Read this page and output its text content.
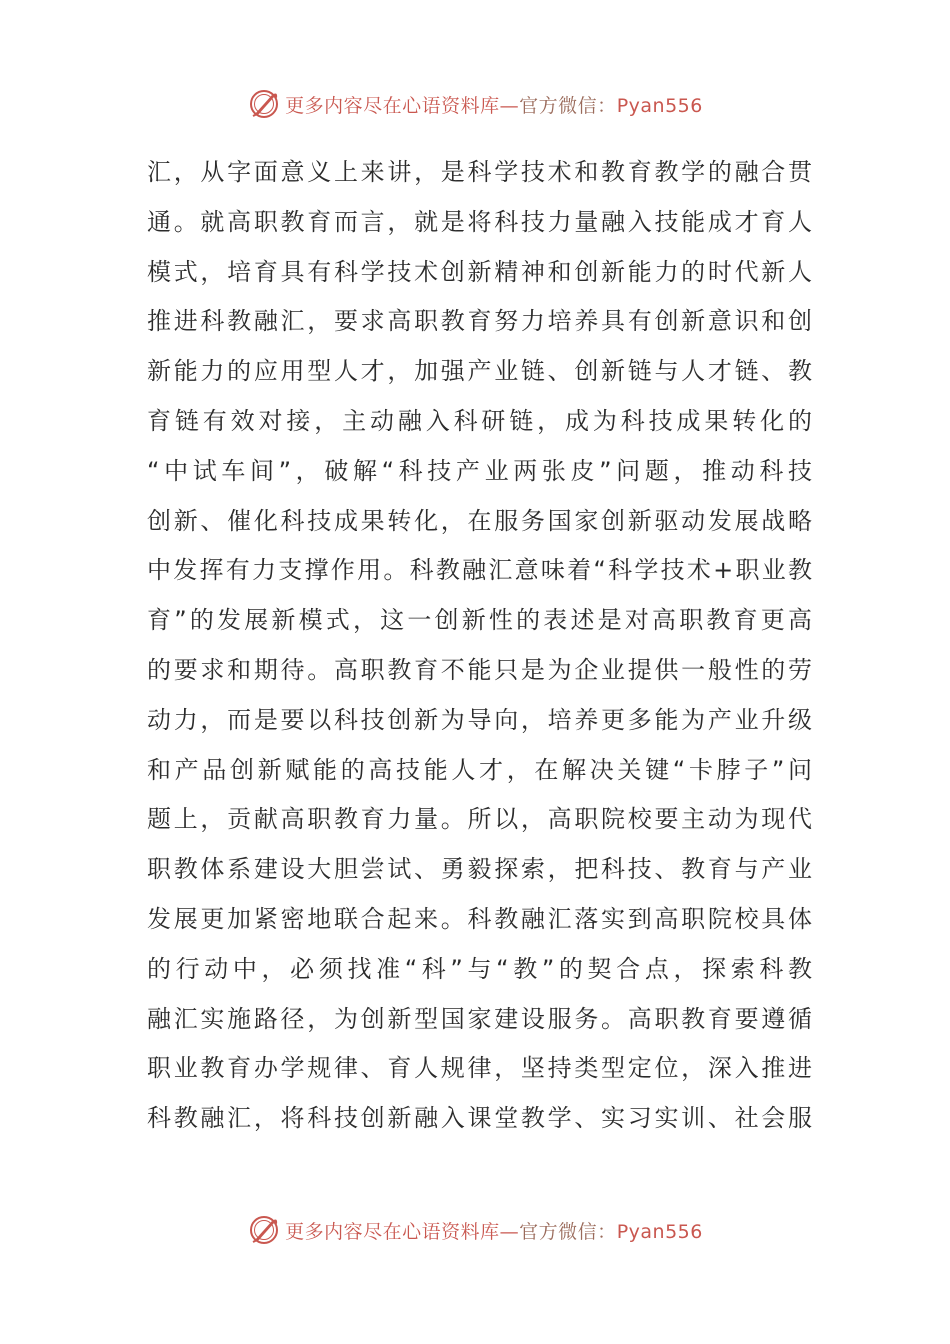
更多内容尽在心语资料库—官方微信：Pyan556
汇，从字面意义上来讲，是科学技术和教育教学的融合贯
通。就高职教育而言，就是将科技力量融入技能成才育人
模式，培育具有科学技术创新精神和创新能力的时代新人
推进科教融汇，要求高职教育努力培养具有创新意识和创
新能力的应用型人才，加强产业链、创新链与人才链、教
育链有效对接，主动融入科研链，成为科技成果转化的
“中试车间”，破解“科技产业两张皮”问题，推动科技
创新、催化科技成果转化，在服务国家创新驱动发展战略
中发挥有力支撑作用。科教融汇意味着“科学技术+职业教
育”的发展新模式，这一创新性的表述是对高职教育更高
的要求和期待。高职教育不能只是为企业提供一般性的劳
动力，而是要以科技创新为导向，培养更多能为产业升级
和产品创新赋能的高技能人才，在解决关键“卡脖子”问
题上，贡献高职教育力量。所以，高职院校要主动为现代
职教体系建设大胆尝试、勇毅探索，把科技、教育与产业
发展更加紧密地联合起来。科教融汇落实到高职院校具体
的行动中，必须找准“科”与“教”的契合点，探索科教
融汇实施路径，为创新型国家建设服务。高职教育要遵循
职业教育办学规律、育人规律，坚持类型定位，深入推进
科教融汇，将科技创新融入课堂教学、实习实训、社会服
更多内容尽在心语资料库—官方微信：Pyan556
